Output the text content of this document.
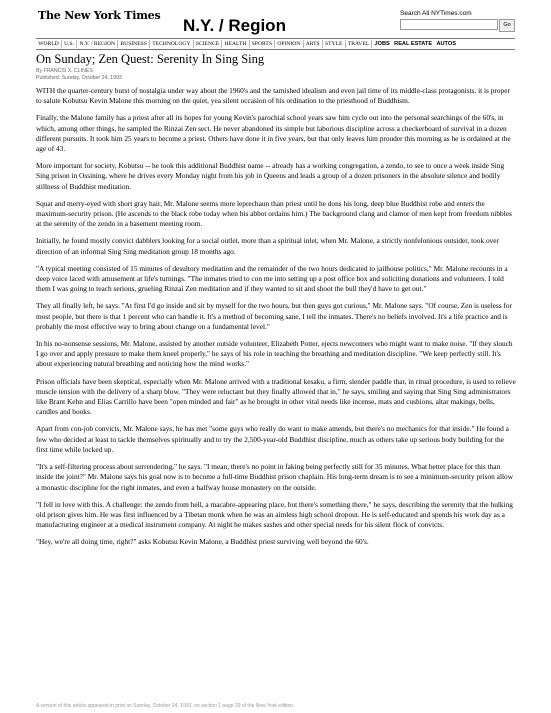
The New York Times
N.Y. / Region
Search All NYTimes.com
Go
WORLD U.S. N.Y. / REGION BUSINESS TECHNOLOGY SCIENCE HEALTH SPORTS OPINION ARTS STYLE TRAVEL JOBS REAL ESTATE AUTOS
On Sunday; Zen Quest: Serenity In Sing Sing
By FRANCIS X. CLINES
Published: Sunday, October 24, 1993

WITH the quarter-century burst of nostalgia under way about the 1960's and the tarnished idealism and even jail time of its middle-class protagonists, it is proper to salute Kobutsu Kevin Malone this morning on the quiet, yea silent occasion of his ordination to the priesthood of Buddhism.

Finally, the Malone family has a priest after all its hopes for young Kevin's parochial school years saw him cycle out into the personal searchings of the 60's, in which, among other things, he sampled the Rinzai Zen sect. He never abandoned its simple but laborious discipline across a checkerboard of survival in a dozen different pursuits. It took him 25 years to become a priest. Others have done it in five years, but that only leaves him prouder this morning as he is ordained at the age of 43.

More important for society, Kobutsu -- he took this additional Buddhist name -- already has a working congregation, a zendo, to see to once a week inside Sing Sing prison in Ossining, where he drives every Monday night from his job in Queens and leads a group of a dozen prisoners in the absolute silence and bodily stillness of Buddhist meditation.

Squat and merry-eyed with short gray hair, Mr. Malone seems more leprechaun than priest until he dons his long, deep blue Buddhist robe and enters the maximum-security prison. (He ascends to the black robe today when his abbot ordains him.) The background clang and clamor of men kept from freedom nibbles at the serenity of the zendo in a basement meeting room.

Initially, he found mostly convict dabblers looking for a social outlet, more than a spiritual inlet, when Mr. Malone, a strictly nonfelonious outsider, took over direction of an informal Sing Sing meditation group 18 months ago.

"A typical meeting consisted of 15 minutes of desultory meditation and the remainder of the two hours dedicated to jailhouse politics," Mr. Malone recounts in a deep voice laced with amusement at life's turnings. "The inmates tried to con me into setting up a post office box and soliciting donations and volunteers. I told them I was going to teach serious, grueling Rinzai Zen meditation and if they wanted to sit and shoot the bull they'd have to get out."

They all finally left, he says. "At first I'd go inside and sit by myself for the two hours, but then guys got curious," Mr. Malone says. "Of course, Zen is useless for most people, but there is that 1 percent who can handle it. It's a method of becoming sane, I tell the inmates. There's no beliefs involved. It's a life practice and is probably the most effective way to bring about change on a fundamental level."

In his no-nonsense sessions, Mr. Malone, assisted by another outside volunteer, Elizabeth Potter, ejects newcomers who might want to make noise. "If they slouch I go over and apply pressure to make them kneel properly," he says of his role in teaching the breathing and meditation discipline. "We keep perfectly still. It's about experiencing natural breathing and noticing how the mind works."

Prison officials have been skeptical, especially when Mr. Malone arrived with a traditional kesaku, a firm, slender paddle that, in ritual procedure, is used to relieve muscle tension with the delivery of a sharp blow. "They were reluctant but they finally allowed that in," he says, smiling and saying that Sing Sing administrators like Brant Kehn and Elias Carrillo have been "open minded and fair" as he brought in other vital needs like incense, mats and cushions, altar makings, bells, candles and books.

Apart from con-job convicts, Mr. Malone says, he has met "some guys who really do want to make amends, but there's no mechanics for that inside." He found a few who decided at least to tackle themselves spiritually and to try the 2,500-year-old Buddhist discipline, much as others take up serious body building for the first time while locked up.

"It's a self-filtering process about surrendering," he says. "I mean, there's no point in faking being perfectly still for 35 minutes. What better place for this than inside the joint?" Mr. Malone says his goal now is to become a full-time Buddhist prison chaplain. His long-term dream is to see a minimum-security prison allow a monastic discipline for the right inmates, and even a halfway house monastery on the outside.

"I fell in love with this. A challenge: the zendo from hell, a macabre-appearing place, but there's something there," he says, describing the serenity that the hulking old prison gives him. He was first influenced by a Tibetan monk when he was an aimless high school dropout. He is self-educated and spends his work day as a manufacturing engineer at a medical instrument company. At night he makes sashes and other special needs for his silent flock of convicts.

"Hey, we're all doing time, right?" asks Kobutsu Kevin Malone, a Buddhist priest surviving well beyond the 60's.

A version of this article appeared in print on Sunday, October 24, 1993, on section 1 page 29 of the New York edition.
